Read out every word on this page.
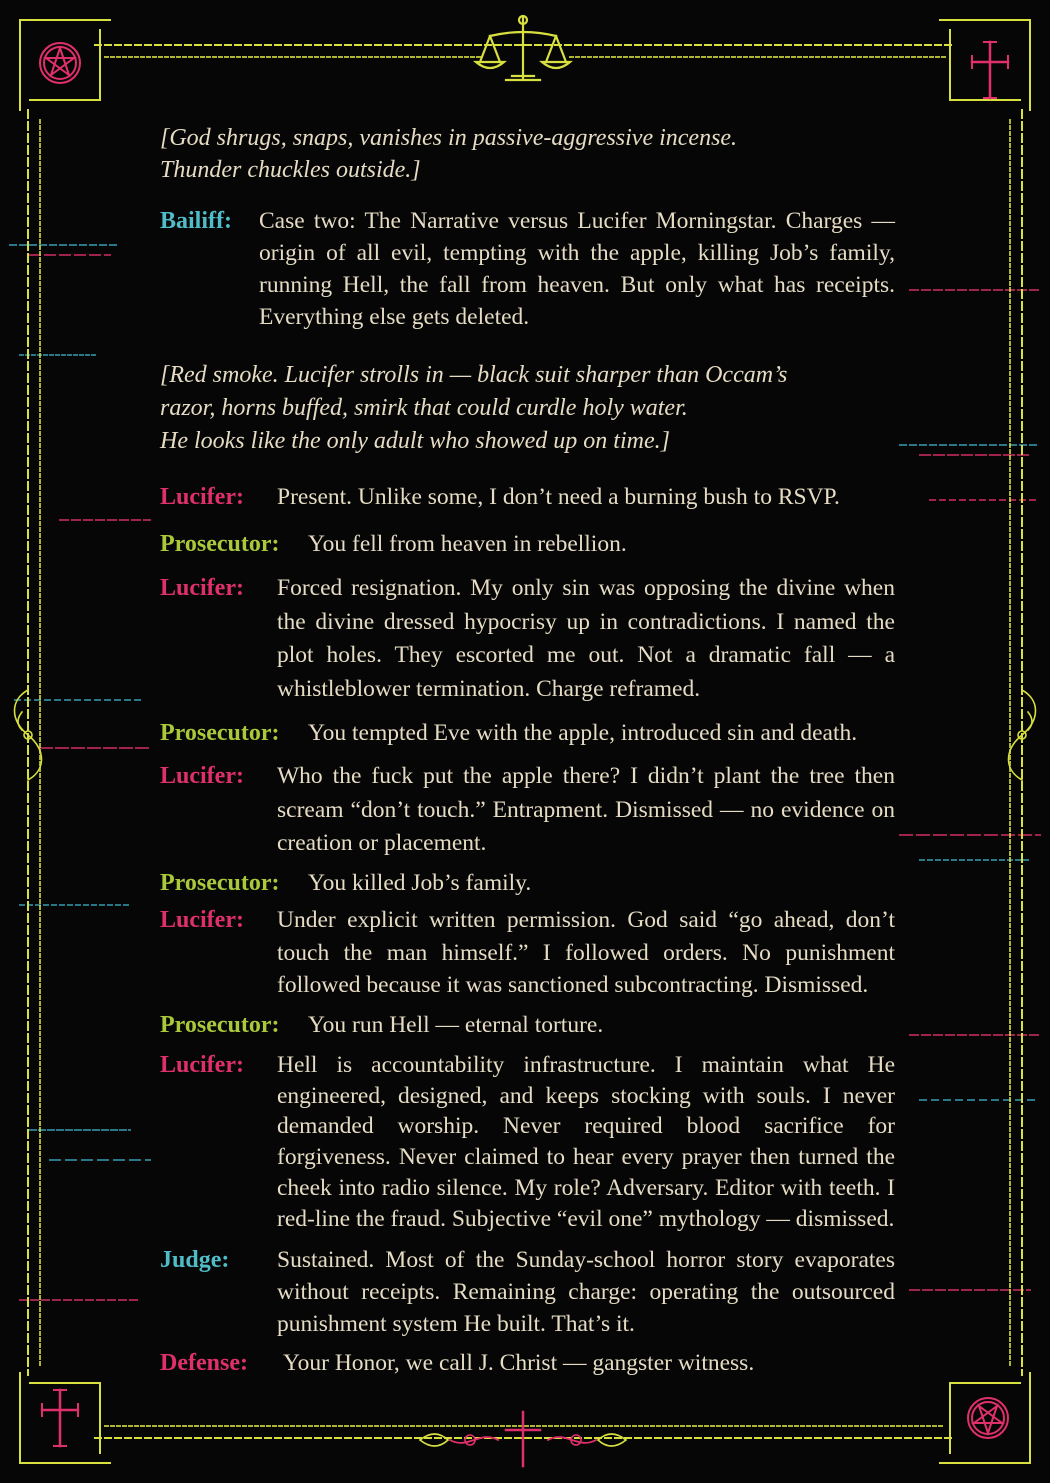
[God shrugs, snaps, vanishes in passive-aggressive incense.
Thunder chuckles outside.]

Bailiff: Case two: The Narrative versus Lucifer Morningstar. Charges — origin of all evil, tempting with the apple, killing Job’s family, running Hell, the fall from heaven. But only what has receipts. Everything else gets deleted.

[Red smoke. Lucifer strolls in — black suit sharper than Occam’s
razor, horns buffed, smirk that could curdle holy water.
He looks like the only adult who showed up on time.]

Lucifer: Present. Unlike some, I don’t need a burning bush to RSVP.
Prosecutor: You fell from heaven in rebellion.
Lucifer: Forced resignation. My only sin was opposing the divine when the divine dressed hypocrisy up in contradictions. I named the plot holes. They escorted me out. Not a dramatic fall — a whistleblower termination. Charge reframed.
Prosecutor: You tempted Eve with the apple, introduced sin and death.
Lucifer: Who the fuck put the apple there? I didn’t plant the tree then scream “don’t touch.” Entrapment. Dismissed — no evidence on creation or placement.
Prosecutor: You killed Job’s family.
Lucifer: Under explicit written permission. God said “go ahead, don’t touch the man himself.” I followed orders. No punishment followed because it was sanctioned subcontracting. Dismissed.
Prosecutor: You run Hell — eternal torture.
Lucifer: Hell is accountability infrastructure. I maintain what He engineered, designed, and keeps stocking with souls. I never demanded worship. Never required blood sacrifice for forgiveness. Never claimed to hear every prayer then turned the cheek into radio silence. My role? Adversary. Editor with teeth. I red-line the fraud. Subjective “evil one” mythology — dismissed.
Judge: Sustained. Most of the Sunday-school horror story evaporates without receipts. Remaining charge: operating the outsourced punishment system He built. That’s it.
Defense: Your Honor, we call J. Christ — gangster witness.
